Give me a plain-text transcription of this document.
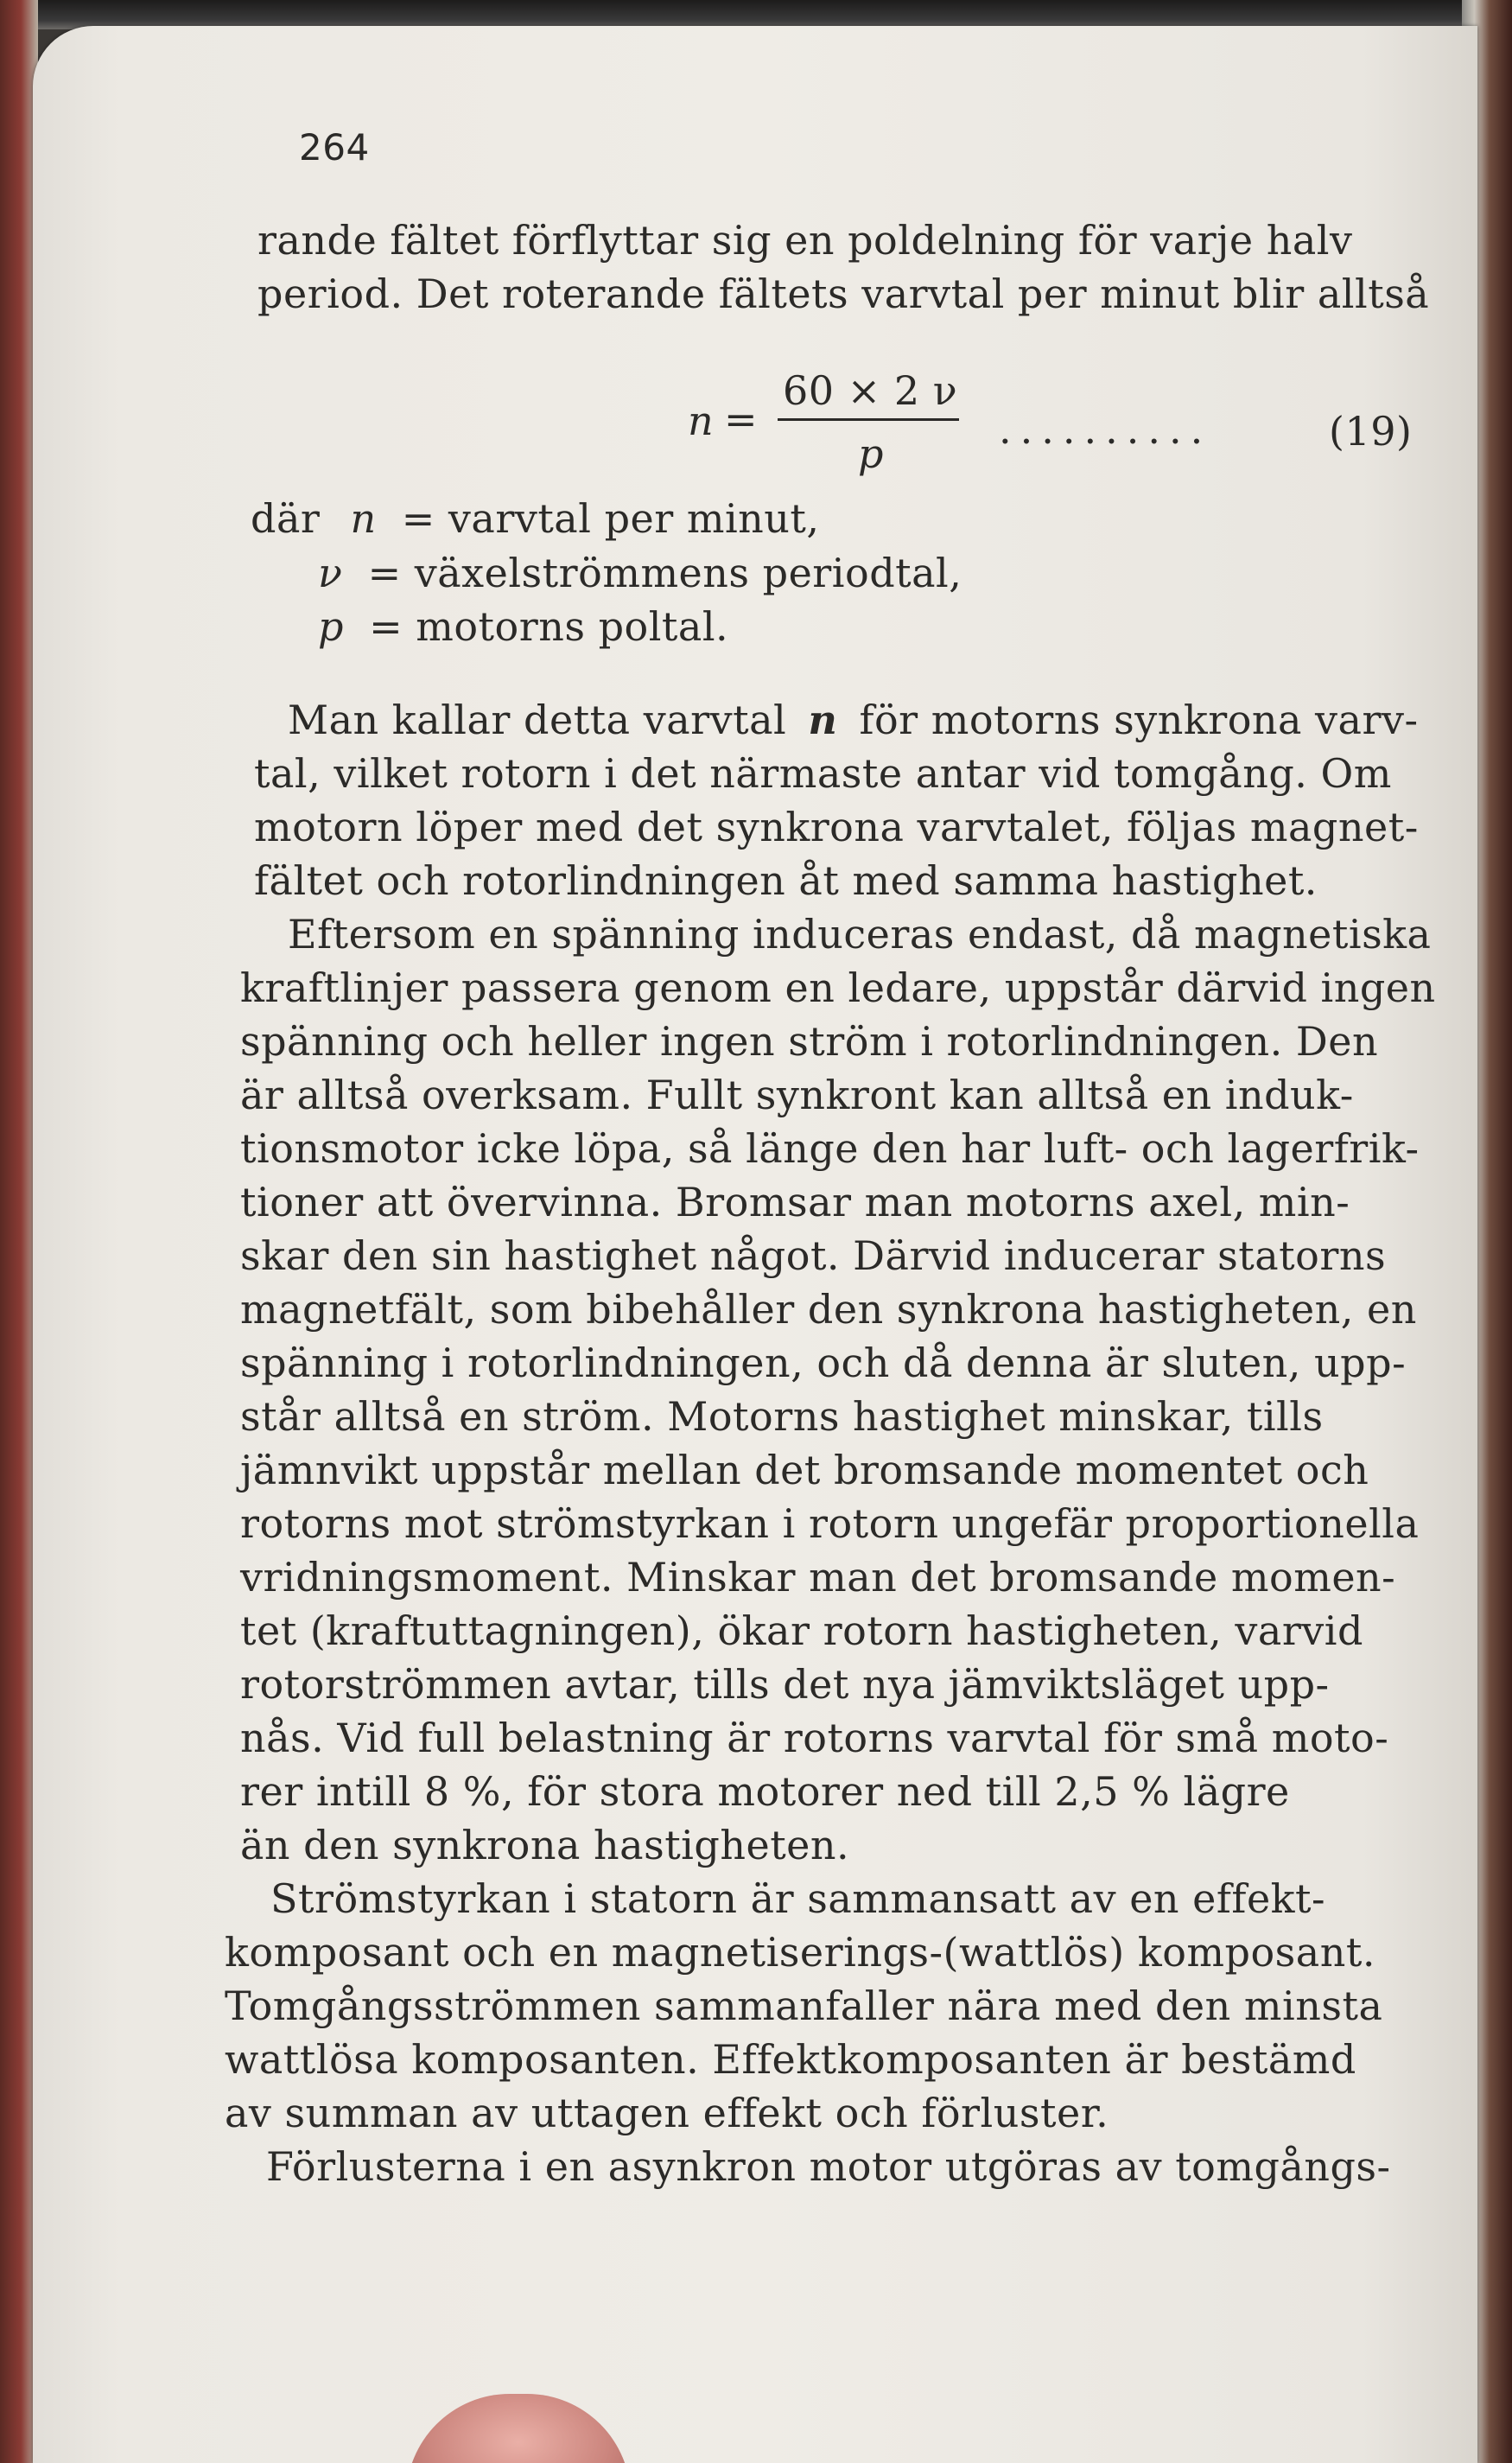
264
rande fältet förflyttar sig en poldelning för varje halv
period. Det roterande fältets varvtal per minut blir alltså
n =
60 × 2 ν
p
..........	(19)
där n = varvtal per minut,
ν = växelströmmens periodtal,
p = motorns poltal.
Man kallar detta varvtal n för motorns synkrona varv-
tal, vilket rotorn i det närmaste antar vid tomgång. Om
motorn löper med det synkrona varvtalet, följas magnet-
fältet och rotorlindningen åt med samma hastighet.
Eftersom en spänning induceras endast, då magnetiska
kraftlinjer passera genom en ledare, uppstår därvid ingen
spänning och heller ingen ström i rotorlindningen. Den
är alltså overksam. Fullt synkront kan alltså en induk-
tionsmotor icke löpa, så länge den har luft- och lagerfrik-
tioner att övervinna. Bromsar man motorns axel, min-
skar den sin hastighet något. Därvid inducerar statorns
magnetfält, som bibehåller den synkrona hastigheten, en
spänning i rotorlindningen, och då denna är sluten, upp-
står alltså en ström. Motorns hastighet minskar, tills
jämnvikt uppstår mellan det bromsande momentet och
rotorns mot strömstyrkan i rotorn ungefär proportionella
vridningsmoment. Minskar man det bromsande momen-
tet (kraftuttagningen), ökar rotorn hastigheten, varvid
rotorströmmen avtar, tills det nya jämviktsläget upp-
nås. Vid full belastning är rotorns varvtal för små moto-
rer intill 8 %, för stora motorer ned till 2,5 % lägre
än den synkrona hastigheten.
Strömstyrkan i statorn är sammansatt av en effekt-
komposant och en magnetiserings-(wattlös) komposant.
Tomgångsströmmen sammanfaller nära med den minsta
wattlösa komposanten. Effektkomposanten är bestämd
av summan av uttagen effekt och förluster.
Förlusterna i en asynkron motor utgöras av tomgångs-
